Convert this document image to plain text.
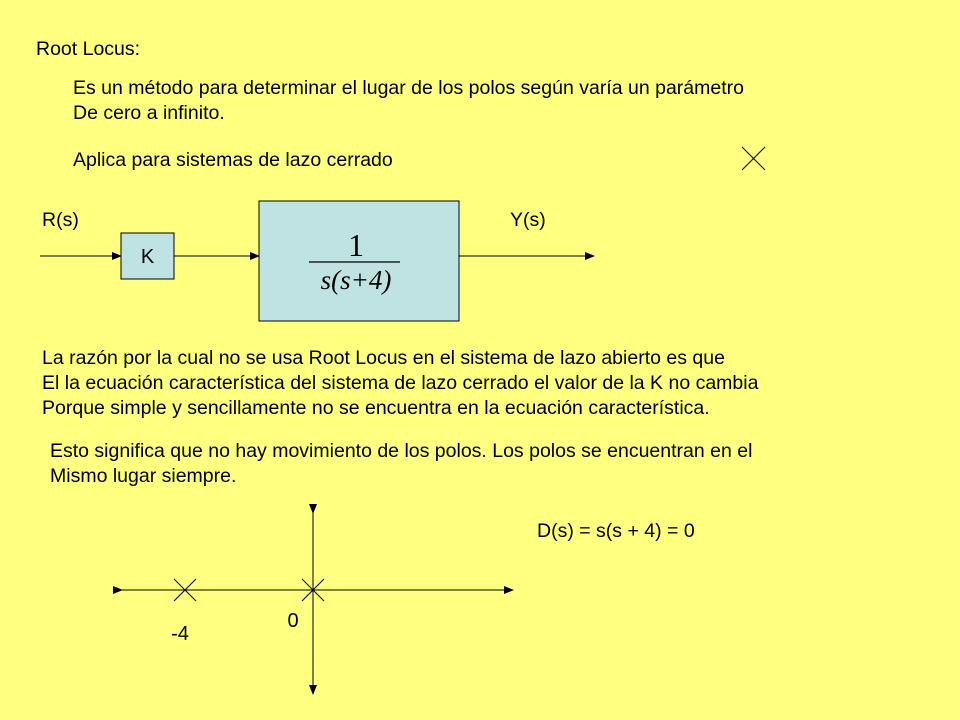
Root Locus:

Es un método para determinar el lugar de los polos según varía un parámetro
De cero a infinito.

Aplica para sistemas de lazo cerrado

R(s)	Y(s)

La razón por la cual no se usa Root Locus en el sistema de lazo abierto es que
El la ecuación característica del sistema de lazo cerrado el valor de la K no cambia
Porque simple y sencillamente no se encuentra en la ecuación característica.
Esto significa que no hay movimiento de los polos. Los polos se encuentran en el
Mismo lugar siempre.

D(s) = s(s + 4) = 0

K	1
s(s+4)
0
-4
